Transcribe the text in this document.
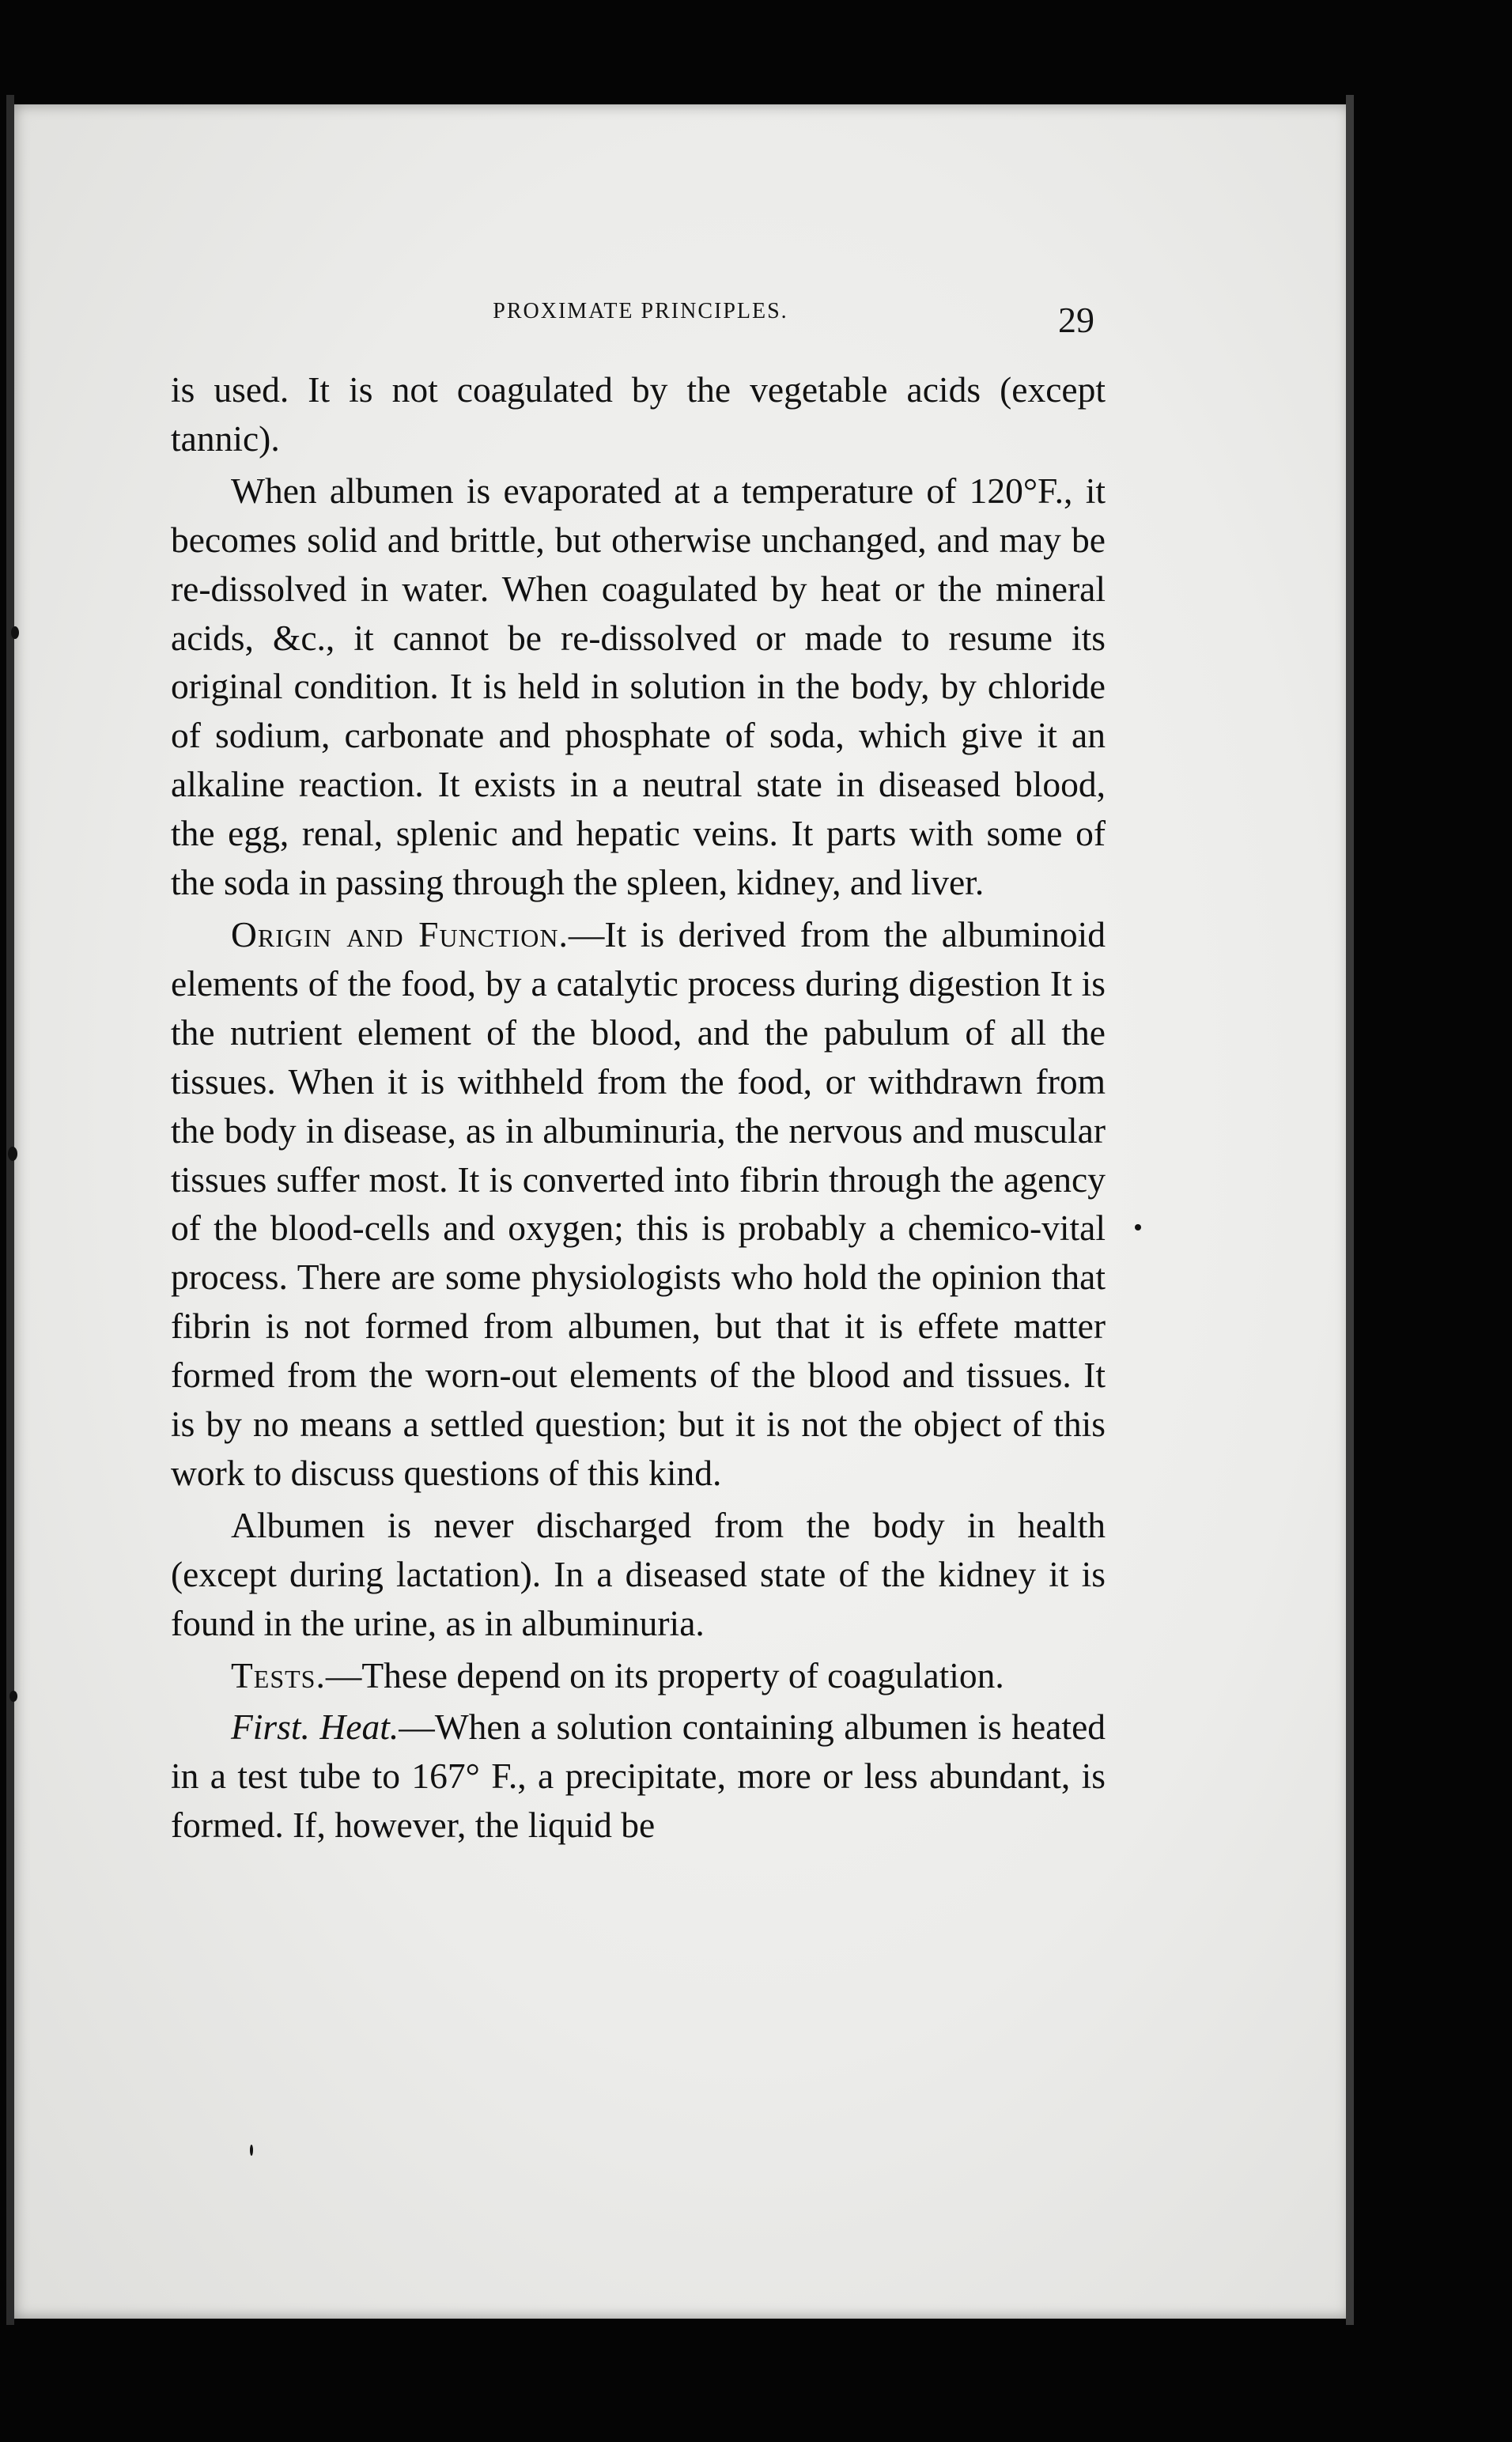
PROXIMATE PRINCIPLES.	29

is used. It is not coagulated by the vegetable acids (except tannic).

When albumen is evaporated at a temperature of 120°F., it becomes solid and brittle, but otherwise unchanged, and may be re-dissolved in water. When coagulated by heat or the mineral acids, &c., it cannot be re-dissolved or made to resume its original condition. It is held in solution in the body, by chloride of sodium, carbonate and phosphate of soda, which give it an alkaline reaction. It exists in a neutral state in diseased blood, the egg, renal, splenic and hepatic veins. It parts with some of the soda in passing through the spleen, kidney, and liver.

Origin and Function.—It is derived from the albuminoid elements of the food, by a catalytic process during digestion It is the nutrient element of the blood, and the pabulum of all the tissues. When it is withheld from the food, or withdrawn from the body in disease, as in albuminuria, the nervous and muscular tissues suffer most. It is converted into fibrin through the agency of the blood-cells and oxygen; this is probably a chemico-vital process. There are some physiologists who hold the opinion that fibrin is not formed from albumen, but that it is effete matter formed from the worn-out elements of the blood and tissues. It is by no means a settled question; but it is not the object of this work to discuss questions of this kind.

Albumen is never discharged from the body in health (except during lactation). In a diseased state of the kidney it is found in the urine, as in albuminuria.

Tests.—These depend on its property of coagulation.

First. Heat.—When a solution containing albumen is heated in a test tube to 167° F., a precipitate, more or less abundant, is formed. If, however, the liquid be
